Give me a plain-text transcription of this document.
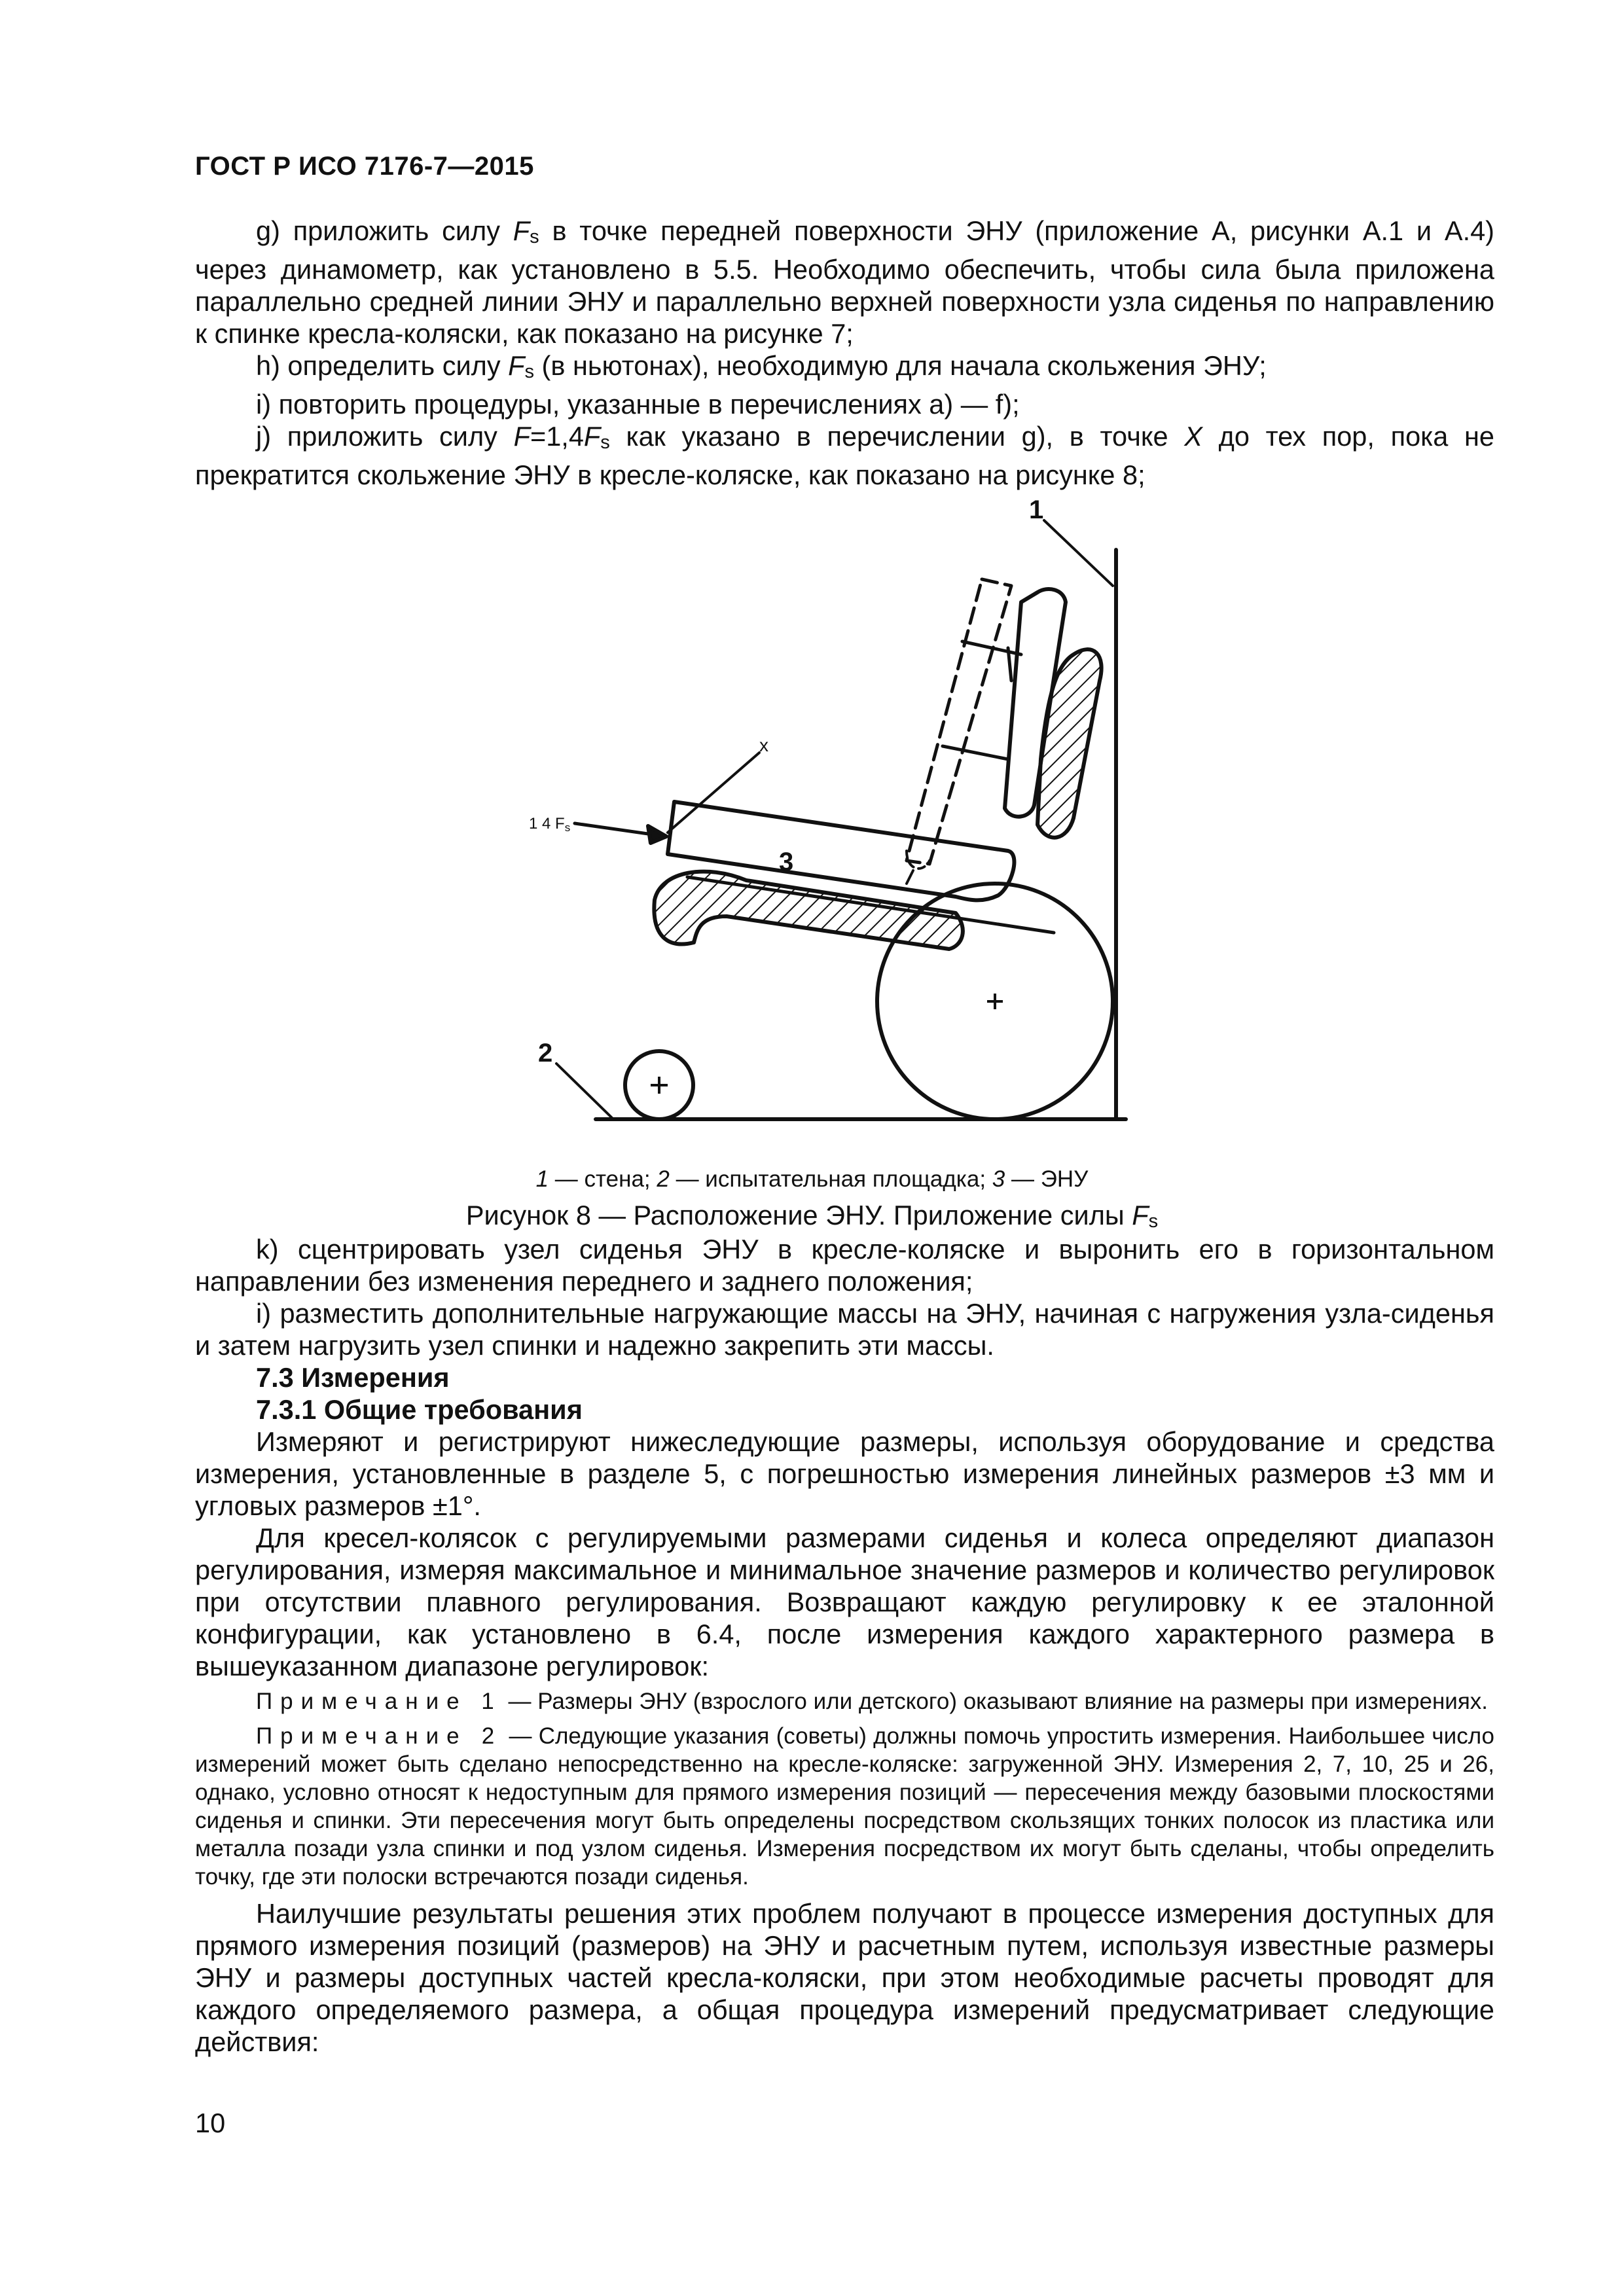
ГОСТ Р ИСО 7176-7—2015

g) приложить силу $F_s$ в точке передней поверхности ЭНУ (приложение А, рисунки А.1 и А.4) через динамометр, как установлено в 5.5. Необходимо обеспечить, чтобы сила была приложена параллельно средней линии ЭНУ и параллельно верхней поверхности узла сиденья по направлению к спинке кресла-коляски, как показано на рисунке 7;

h) определить силу $F_s$ (в ньютонах), необходимую для начала скольжения ЭНУ;

i) повторить процедуры, указанные в перечислениях а) — f);

j) приложить силу $F=1,4F_s$ как указано в перечислении g), в точке X до тех пор, пока не прекратится скольжение ЭНУ в кресле-коляске, как показано на рисунке 8;

1
2
3
x
1 4 Fs
1 — стена; 2 — испытательная площадка; 3 — ЭНУ
Рисунок 8 — Расположение ЭНУ. Приложение силы $F_s$

k) сцентрировать узел сиденья ЭНУ в кресле-коляске и выронить его в горизонтальном направлении без изменения переднего и заднего положения;

i) разместить дополнительные нагружающие массы на ЭНУ, начиная с нагружения узла-сиденья и затем нагрузить узел спинки и надежно закрепить эти массы.

7.3 Измерения

7.3.1 Общие требования

Измеряют и регистрируют нижеследующие размеры, используя оборудование и средства измерения, установленные в разделе 5, с погрешностью измерения линейных размеров ±3 мм и угловых размеров ±1°.

Для кресел-колясок с регулируемыми размерами сиденья и колеса определяют диапазон регулирования, измеряя максимальное и минимальное значение размеров и количество регулировок при отсутствии плавного регулирования. Возвращают каждую регулировку к ее эталонной конфигурации, как установлено в 6.4, после измерения каждого характерного размера в вышеуказанном диапазоне регулировок:

Примечание 1 — Размеры ЭНУ (взрослого или детского) оказывают влияние на размеры при измерениях.

Примечание 2 — Следующие указания (советы) должны помочь упростить измерения. Наибольшее число измерений может быть сделано непосредственно на кресле-коляске: загруженной ЭНУ. Измерения 2, 7, 10, 25 и 26, однако, условно относят к недоступным для прямого измерения позиций — пересечения между базовыми плоскостями сиденья и спинки. Эти пересечения могут быть определены посредством скользящих тонких полосок из пластика или металла позади узла спинки и под узлом сиденья. Измерения посредством их могут быть сделаны, чтобы определить точку, где эти полоски встречаются позади сиденья.

Наилучшие результаты решения этих проблем получают в процессе измерения доступных для прямого измерения позиций (размеров) на ЭНУ и расчетным путем, используя известные размеры ЭНУ и размеры доступных частей кресла-коляски, при этом необходимые расчеты проводят для каждого определяемого размера, а общая процедура измерений предусматривает следующие действия:

10
